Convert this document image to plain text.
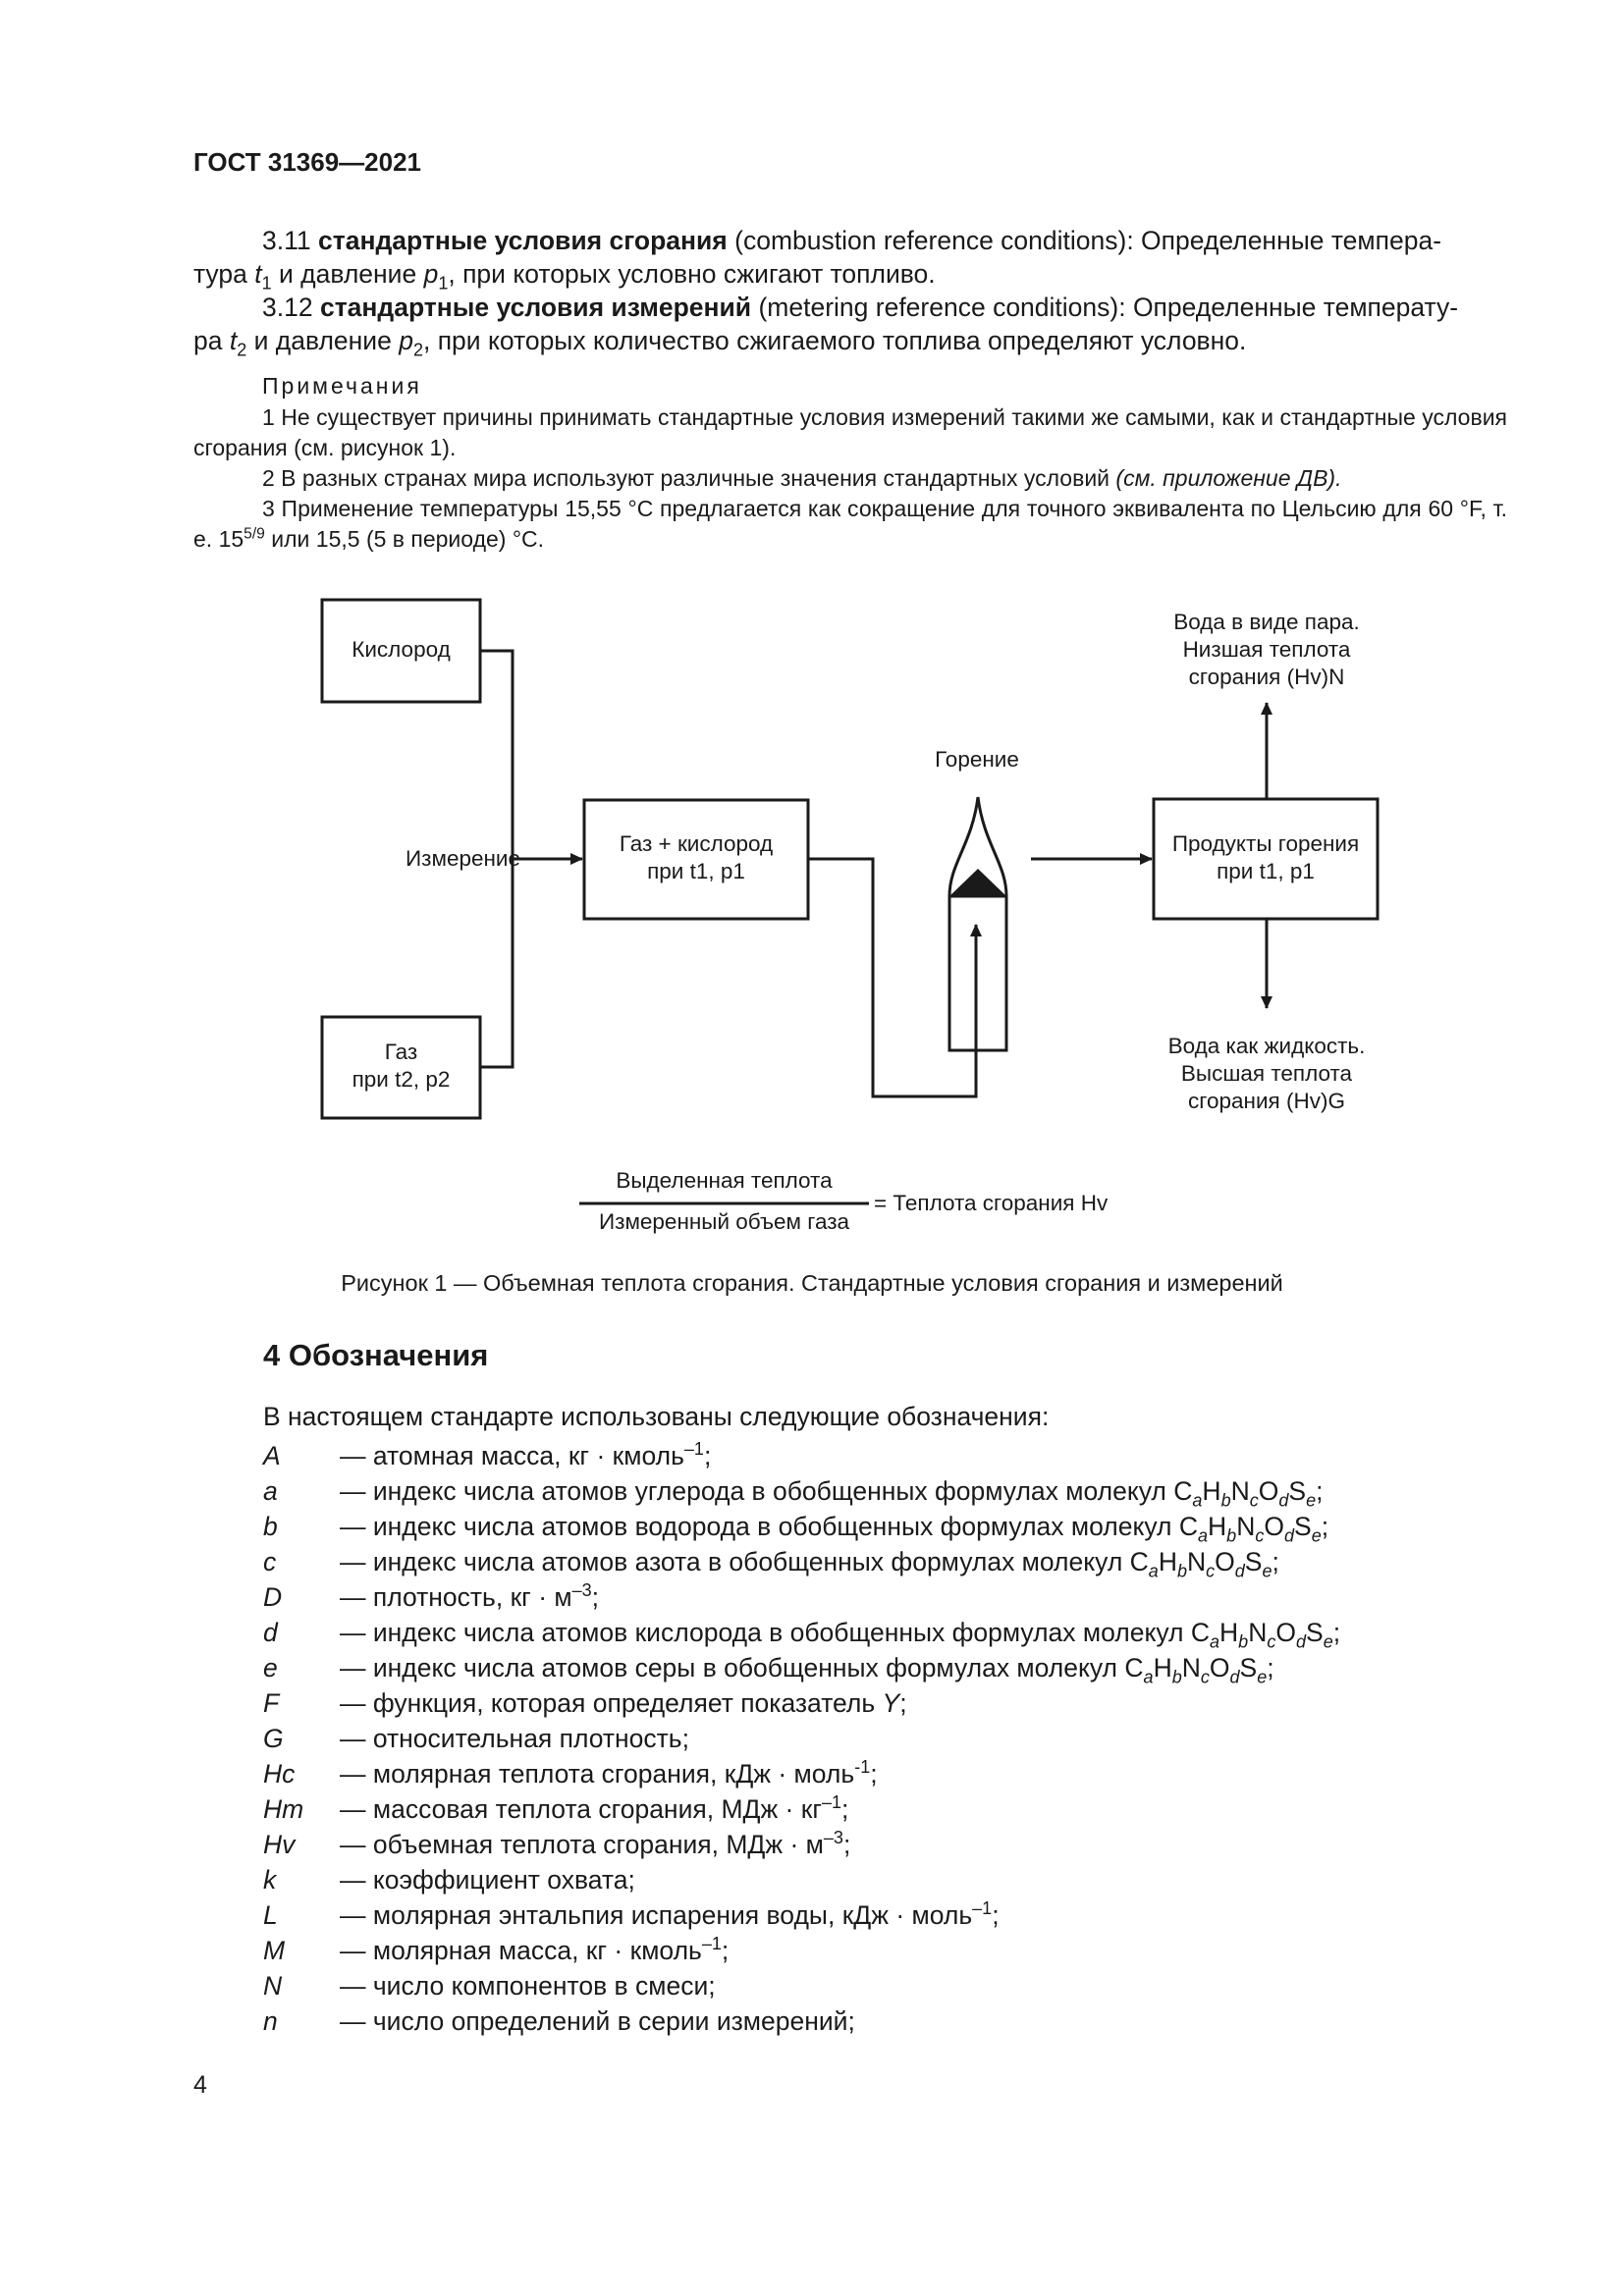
ГОСТ 31369—2021
3.11 стандартные условия сгорания (combustion reference conditions): Определенные темпера-
тура $t_1$ и давление $p_1$, при которых условно сжигают топливо.
3.12 стандартные условия измерений (metering reference conditions): Определенные температу-
ра $t_2$ и давление $p_2$, при которых количество сжигаемого топлива определяют условно.
Примечания
1 Не существует причины принимать стандартные условия измерений такими же самыми, как и стандартные условия сгорания (см. рисунок 1).
2 В разных странах мира используют различные значения стандартных условий (см. приложение ДВ).
3 Применение температуры 15,55 °С предлагается как сокращение для точного эквивалента по Цельсию для 60 °F, т. е. $15^{5/9}$ или 15,5 (5 в периоде) °С.
Кислород
Измерение
Газ
при t2, p2
Газ + кислород
при t1, p1
Горение
Продукты горения
при t1, p1
Вода в виде пара.
Низшая теплота
сгорания (Hv)N
Вода как жидкость.
Высшая теплота
сгорания (Hv)G
Выделенная теплота
Измеренный объем газа
= Теплота сгорания Hv
Рисунок 1 — Объемная теплота сгорания. Стандартные условия сгорания и измерений
4 Обозначения
В настоящем стандарте использованы следующие обозначения:
A — атомная масса, кг · кмоль$^{-1}$;
a — индекс числа атомов углерода в обобщенных формулах молекул $C_aH_bN_cO_dS_e$;
b — индекс числа атомов водорода в обобщенных формулах молекул $C_aH_bN_cO_dS_e$;
c — индекс числа атомов азота в обобщенных формулах молекул $C_aH_bN_cO_dS_e$;
D — плотность, кг · $м^{-3}$;
d — индекс числа атомов кислорода в обобщенных формулах молекул $C_aH_bN_cO_dS_e$;
e — индекс числа атомов серы в обобщенных формулах молекул $C_aH_bN_cO_dS_e$;
F — функция, которая определяет показатель Y;
G — относительная плотность;
Hc — молярная теплота сгорания, кДж · моль$^{-1}$;
Hm — массовая теплота сгорания, МДж · $кг^{-1}$;
Hv — объемная теплота сгорания, МДж · $м^{-3}$;
k — коэффициент охвата;
L — молярная энтальпия испарения воды, кДж · моль$^{-1}$;
M — молярная масса, кг · кмоль$^{-1}$;
N — число компонентов в смеси;
n — число определений в серии измерений;
4
